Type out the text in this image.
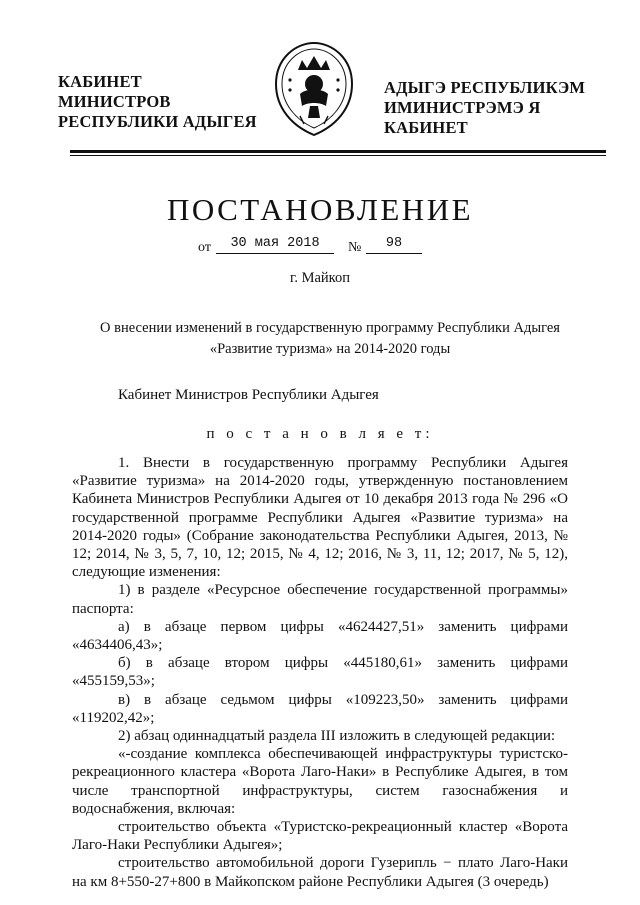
КАБИНЕТ МИНИСТРОВ
РЕСПУБЛИКИ АДЫГЕЯ
АДЫГЭ РЕСПУБЛИКЭМ
ИМИНИСТРЭМЭ Я КАБИНЕТ
ПОСТАНОВЛЕНИЕ
от	30 мая 2018	№	98
г. Майкоп
О внесении изменений в государственную программу Республики Адыгея
«Развитие туризма» на 2014-2020 годы
Кабинет Министров Республики Адыгея
п о с т а н о в л я е т:

1. Внести в государственную программу Республики Адыгея «Развитие туризма» на 2014-2020 годы, утвержденную постановлением Кабинета Министров Республики Адыгея от 10 декабря 2013 года № 296 «О государственной программе Республики Адыгея «Развитие туризма» на 2014-2020 годы» (Собрание законодательства Республики Адыгея, 2013, № 12; 2014, № 3, 5, 7, 10, 12; 2015, № 4, 12; 2016, № 3, 11, 12; 2017, № 5, 12), следующие изменения:

1) в разделе «Ресурсное обеспечение государственной программы» паспорта:

а) в абзаце первом цифры «4624427,51» заменить цифрами «4634406,43»;

б) в абзаце втором цифры «445180,61» заменить цифрами «455159,53»;

в) в абзаце седьмом цифры «109223,50» заменить цифрами «119202,42»;

2) абзац одиннадцатый раздела III изложить в следующей редакции:

«-создание комплекса обеспечивающей инфраструктуры туристско-рекреационного кластера «Ворота Лаго-Наки» в Республике Адыгея, в том числе транспортной инфраструктуры, систем газоснабжения и водоснабжения, включая:

строительство объекта «Туристско-рекреационный кластер «Ворота Лаго-Наки Республики Адыгея»;

строительство автомобильной дороги Гузерипль − плато Лаго-Наки на км 8+550-27+800 в Майкопском районе Республики Адыгея (3 очередь)
